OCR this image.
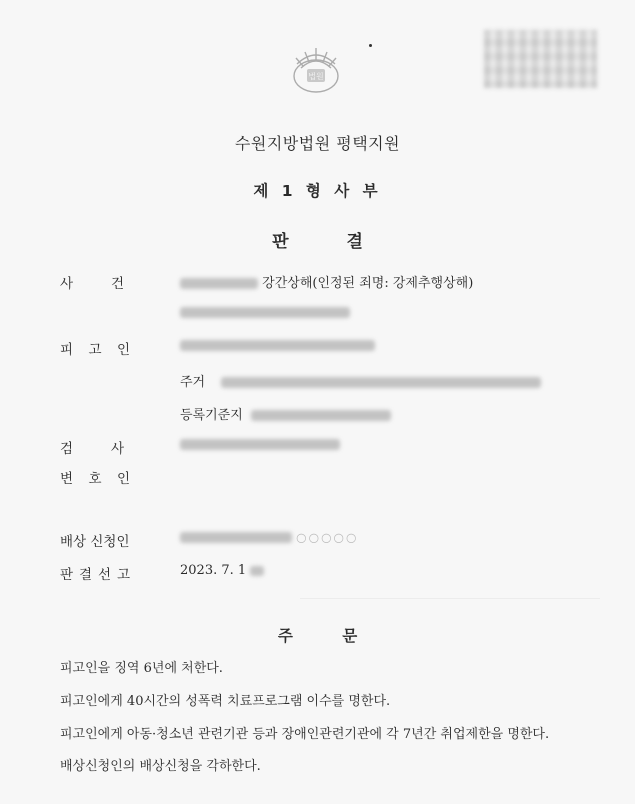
법원
수원지방법원 평택지원
제 1 형 사 부
판 결
사	건	강간상해(인정된 죄명: 강제추행상해)
피 고 인
주거
등록기준지
검	사
변 호 인
배상 신청인	○○○○○
판 결 선 고	2023. 7. 1
주 문
피고인을 징역 6년에 처한다.
피고인에게 40시간의 성폭력 치료프로그램 이수를 명한다.
피고인에게 아동·청소년 관련기관 등과 장애인관련기관에 각 7년간 취업제한을 명한다.
배상신청인의 배상신청을 각하한다.
